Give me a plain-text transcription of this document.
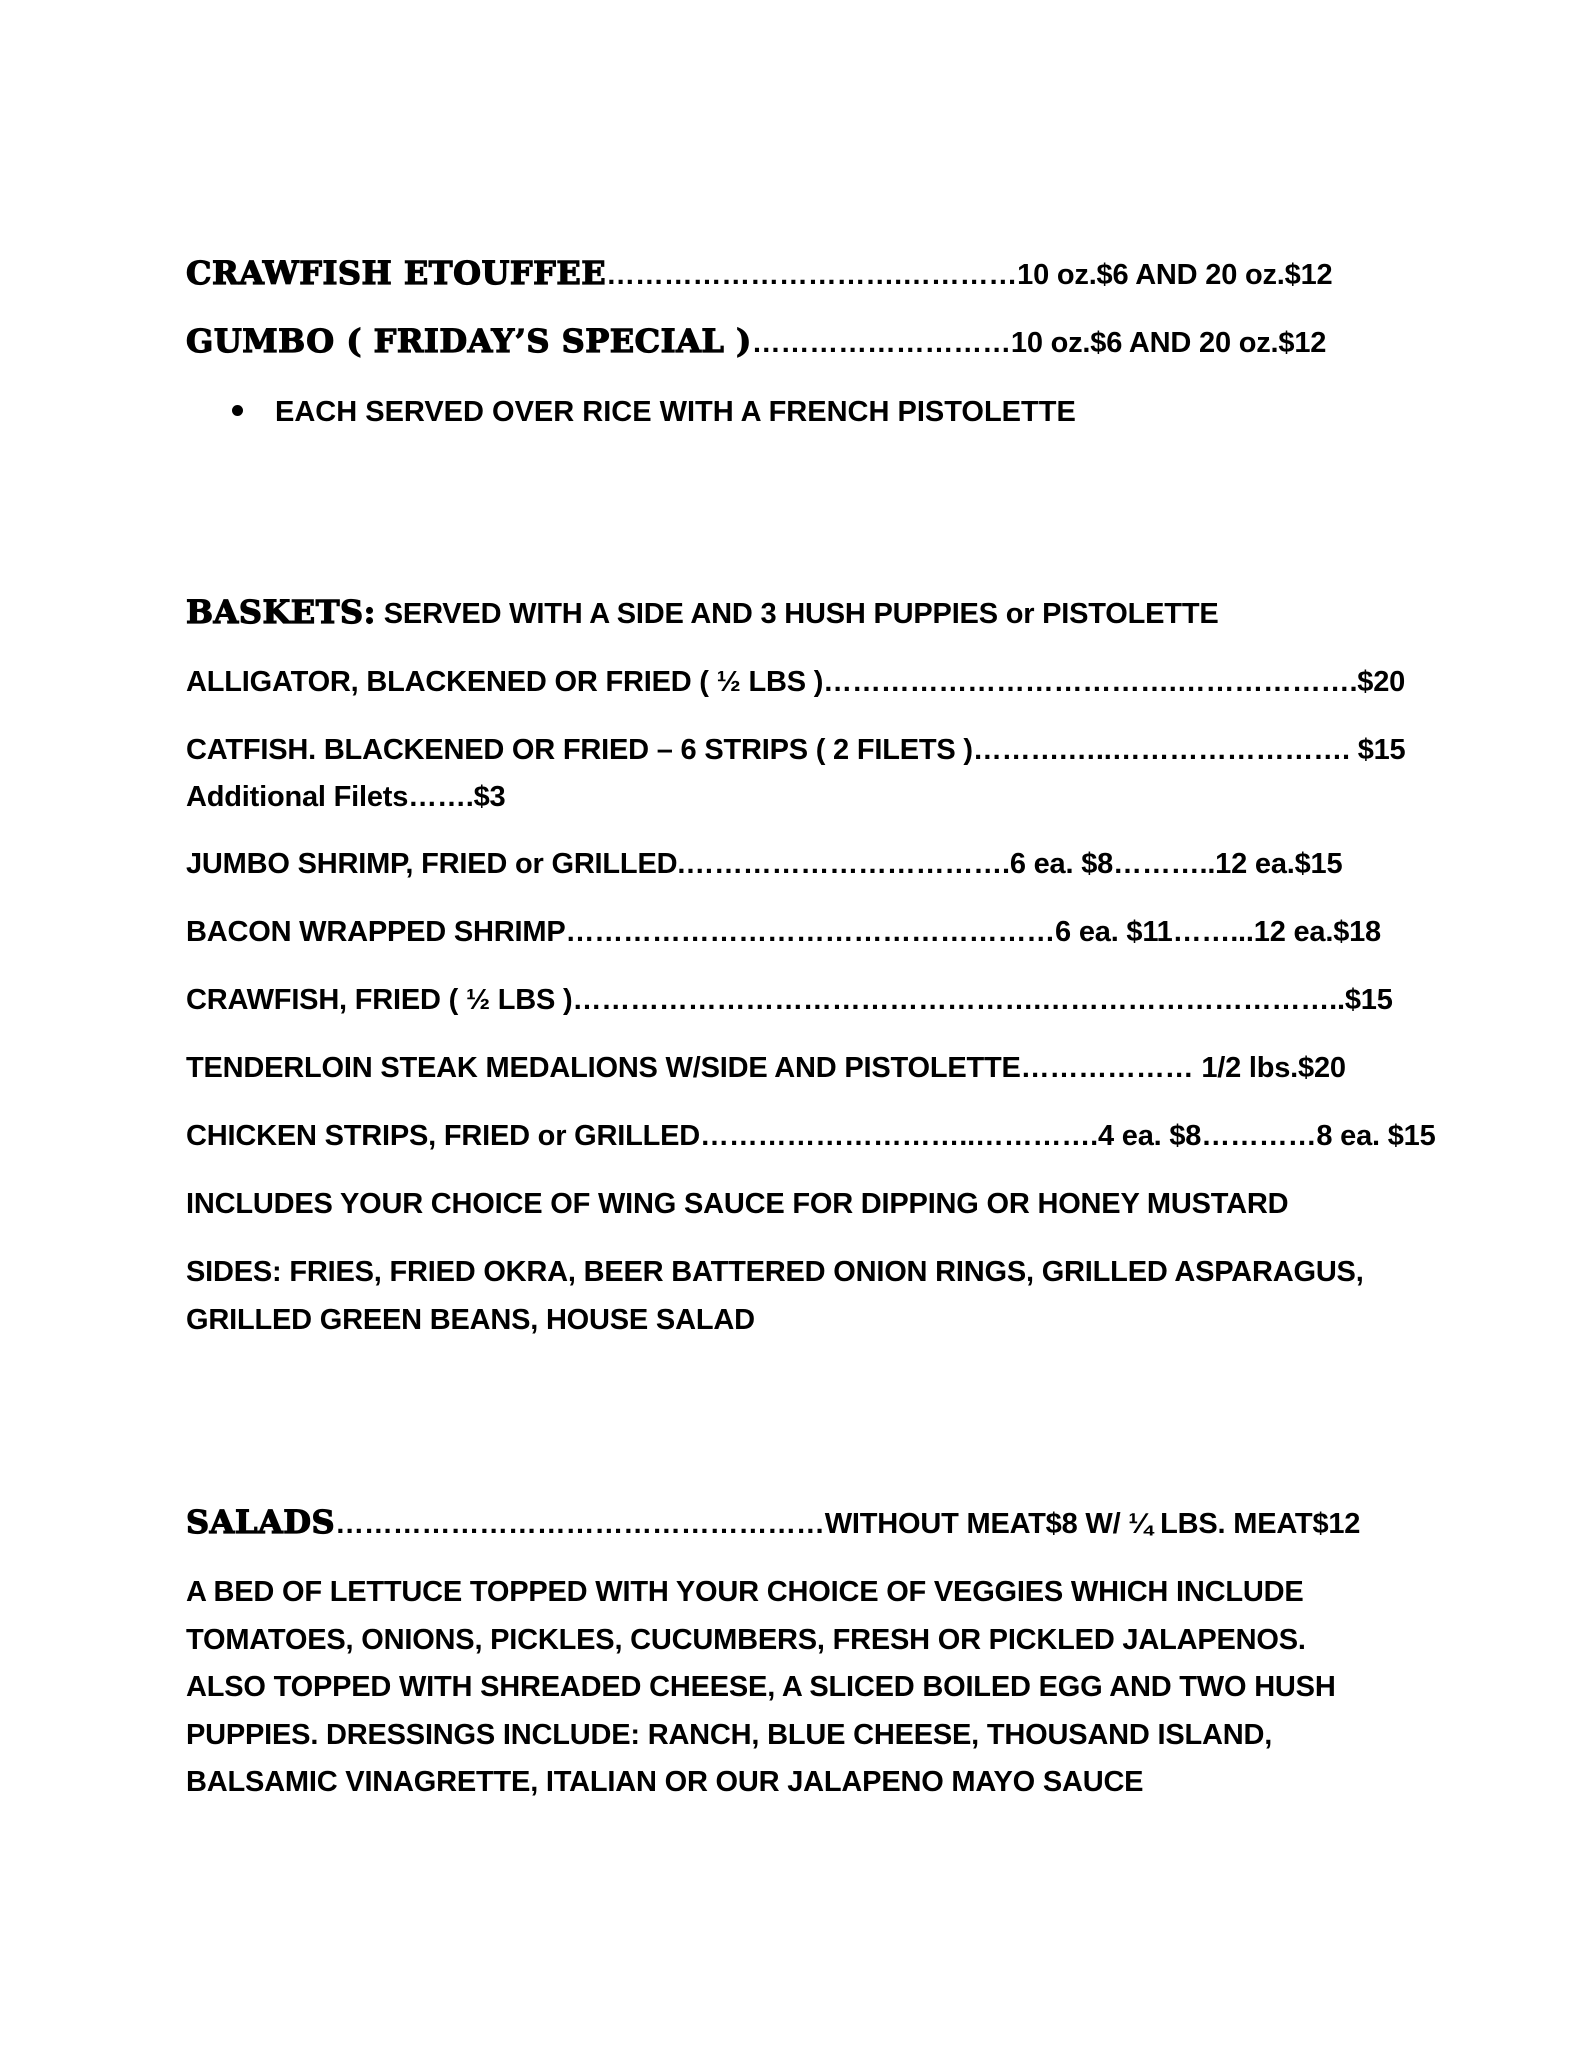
CRAWFISH ETOUFFEE………………………….…………10 oz.$6 AND 20 oz.$12
GUMBO ( FRIDAY’S SPECIAL )………………………10 oz.$6 AND 20 oz.$12
EACH SERVED OVER RICE WITH A FRENCH PISTOLETTE
BASKETS: SERVED WITH A SIDE AND 3 HUSH PUPPIES or PISTOLETTE
ALLIGATOR, BLACKENED OR FRIED ( ½ LBS )……………………………….……………….$20
CATFISH. BLACKENED OR FRIED – 6 STRIPS ( 2 FILETS )……….…..……………………. $15
Additional Filets…….$3
JUMBO SHRIMP, FRIED or GRILLED.…………………………….6 ea. $8………..12 ea.$15
BACON WRAPPED SHRIMP……………………………………………6 ea. $11……...12 ea.$18
CRAWFISH, FRIED ( ½ LBS )………………………………………….…………………………..$15
TENDERLOIN STEAK MEDALIONS W/SIDE AND PISTOLETTE……………… 1/2 lbs.$20
CHICKEN STRIPS, FRIED or GRILLED………………………..………….4 ea. $8…………8 ea. $15
INCLUDES YOUR CHOICE OF WING SAUCE FOR DIPPING OR HONEY MUSTARD
SIDES: FRIES, FRIED OKRA, BEER BATTERED ONION RINGS, GRILLED ASPARAGUS,
GRILLED GREEN BEANS, HOUSE SALAD
SALADS……………………………………………WITHOUT MEAT$8 W/ ¼ LBS. MEAT$12
A BED OF LETTUCE TOPPED WITH YOUR CHOICE OF VEGGIES WHICH INCLUDE
TOMATOES, ONIONS, PICKLES, CUCUMBERS, FRESH OR PICKLED JALAPENOS.
ALSO TOPPED WITH SHREADED CHEESE, A SLICED BOILED EGG AND TWO HUSH
PUPPIES. DRESSINGS INCLUDE: RANCH, BLUE CHEESE, THOUSAND ISLAND,
BALSAMIC VINAGRETTE, ITALIAN OR OUR JALAPENO MAYO SAUCE
